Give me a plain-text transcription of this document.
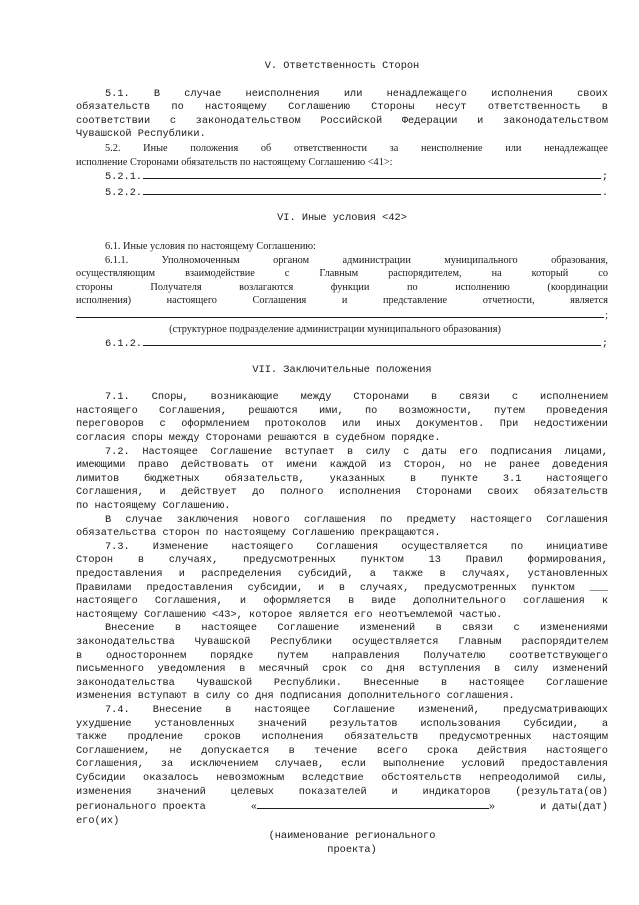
V. Ответственность Сторон
5.1. В случае неисполнения или ненадлежащего исполнения своих
обязательств по настоящему Соглашению Стороны несут ответственность в
соответствии с законодательством Российской Федерации и законодательством
Чувашской Республики.
5.2. Иные положения об ответственности за неисполнение или ненадлежащее
исполнение Сторонами обязательств по настоящему Соглашению <41>:
5.2.1.	;
5.2.2.	.
VI. Иные условия <42>
6.1. Иные условия по настоящему Соглашению:
6.1.1. Уполномоченным органом администрации муниципального образования,
осуществляющим взаимодействие с Главным распорядителем, на который со
стороны Получателя возлагаются функции по исполнению (координации
исполнения) настоящего Соглашения и представление отчетности, является
;
(структурное подразделение администрации муниципального образования)
6.1.2.	;
VII. Заключительные положения
7.1. Споры, возникающие между Сторонами в связи с исполнением
настоящего Соглашения, решаются ими, по возможности, путем проведения
переговоров с оформлением протоколов или иных документов. При недостижении
согласия споры между Сторонами решаются в судебном порядке.
7.2. Настоящее Соглашение вступает в силу с даты его подписания лицами,
имеющими право действовать от имени каждой из Сторон, но не ранее доведения
лимитов бюджетных обязательств, указанных в пункте 3.1 настоящего
Соглашения, и действует до полного исполнения Сторонами своих обязательств
по настоящему Соглашению.
В случае заключения нового соглашения по предмету настоящего Соглашения
обязательства сторон по настоящему Соглашению прекращаются.
7.3. Изменение настоящего Соглашения осуществляется по инициативе
Сторон в случаях, предусмотренных пунктом 13 Правил формирования,
предоставления и распределения субсидий, а также в случаях, установленных
Правилами предоставления субсидии, и в случаях, предусмотренных пунктом ___
настоящего Соглашения, и оформляется в виде дополнительного соглашения к
настоящему Соглашению <43>, которое является его неотъемлемой частью.
Внесение в настоящее Соглашение изменений в связи с изменениями
законодательства Чувашской Республики осуществляется Главным распорядителем
в одностороннем порядке путем направления Получателю соответствующего
письменного уведомления в месячный срок со дня вступления в силу изменений
законодательства Чувашской Республики. Внесенные в настоящее Соглашение
изменения вступают в силу со дня подписания дополнительного соглашения.
7.4. Внесение в настоящее Соглашение изменений, предусматривающих
ухудшение установленных значений результатов использования Субсидии, а
также продление сроков исполнения обязательств предусмотренных настоящим
Соглашением, не допускается в течение всего срока действия настоящего
Соглашения, за исключением случаев, если выполнение условий предоставления
Субсидии оказалось невозможным вследствие обстоятельств непреодолимой силы,
изменения значений целевых показателей и индикаторов (результата(ов)
регионального проекта	«	»	и даты(дат)
его(их)
(наименование регионального
проекта)
